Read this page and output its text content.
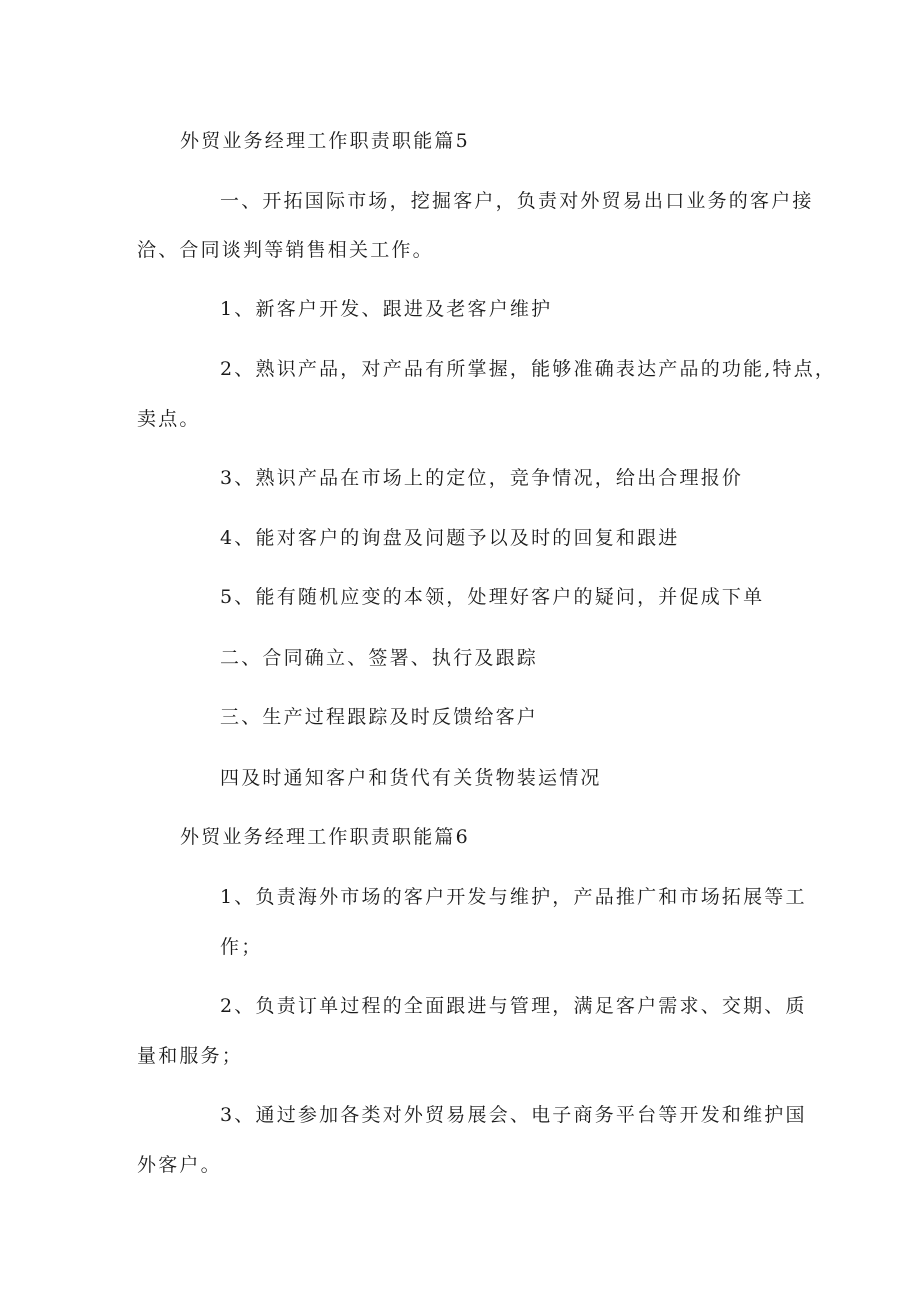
外贸业务经理工作职责职能篇5

一、开拓国际市场，挖掘客户，负责对外贸易出口业务的客户接

洽、合同谈判等销售相关工作。

1、新客户开发、跟进及老客户维护

2、熟识产品，对产品有所掌握，能够准确表达产品的功能,特点，

卖点。

3、熟识产品在市场上的定位，竞争情况，给出合理报价

4、能对客户的询盘及问题予以及时的回复和跟进

5、能有随机应变的本领，处理好客户的疑问，并促成下单

二、合同确立、签署、执行及跟踪

三、生产过程跟踪及时反馈给客户

四及时通知客户和货代有关货物装运情况

外贸业务经理工作职责职能篇6

1、负责海外市场的客户开发与维护，产品推广和市场拓展等工

作；

2、负责订单过程的全面跟进与管理，满足客户需求、交期、质

量和服务；

3、通过参加各类对外贸易展会、电子商务平台等开发和维护国

外客户。
